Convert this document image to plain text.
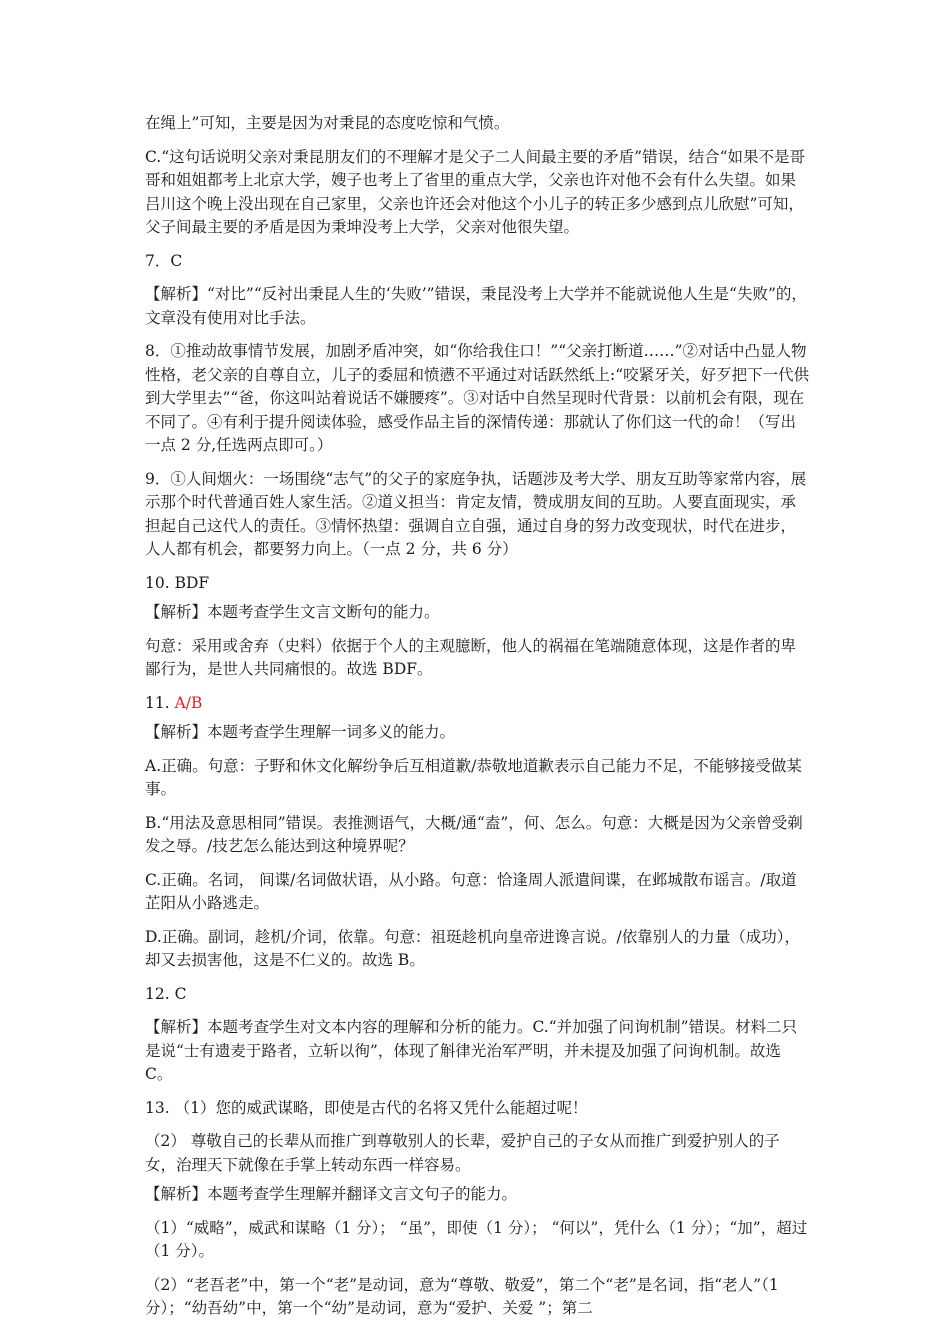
在绳上”可知，主要是因为对秉昆的态度吃惊和气愤。

C.“这句话说明父亲对秉昆朋友们的不理解才是父子二人间最主要的矛盾”错误，结合“如果不是哥哥和姐姐都考上北京大学，嫂子也考上了省里的重点大学，父亲也许对他不会有什么失望。如果吕川这个晚上没出现在自己家里，父亲也许还会对他这个小儿子的转正多少感到点儿欣慰”可知，父子间最主要的矛盾是因为秉坤没考上大学，父亲对他很失望。

7．C

【解析】“对比”“反衬出秉昆人生的‘失败’”错误，秉昆没考上大学并不能就说他人生是“失败”的，文章没有使用对比手法。

8．①推动故事情节发展，加剧矛盾冲突，如“你给我住口！”“父亲打断道……”②对话中凸显人物性格，老父亲的自尊自立，儿子的委屈和愤懑不平通过对话跃然纸上:“咬紧牙关，好歹把下一代供到大学里去”“爸，你这叫站着说话不嫌腰疼”。③对话中自然呈现时代背景：以前机会有限，现在不同了。④有利于提升阅读体验，感受作品主旨的深情传递：那就认了你们这一代的命！（写出一点 2 分,任选两点即可。）

9．①人间烟火：一场围绕“志气”的父子的家庭争执，话题涉及考大学、朋友互助等家常内容，展示那个时代普通百姓人家生活。②道义担当：肯定友情，赞成朋友间的互助。人要直面现实，承担起自己这代人的责任。③情怀热望：强调自立自强，通过自身的努力改变现状，时代在进步，人人都有机会，都要努力向上。（一点 2 分，共 6 分）

10. BDF

【解析】本题考查学生文言文断句的能力。

句意：采用或舍弃（史料）依据于个人的主观臆断，他人的祸福在笔端随意体现，这是作者的卑鄙行为，是世人共同痛恨的。故选 BDF。

11. A/B

【解析】本题考查学生理解一词多义的能力。

A.正确。句意：子野和休文化解纷争后互相道歉/恭敬地道歉表示自己能力不足，不能够接受做某事。

B.“用法及意思相同”错误。表推测语气，大概/通“盍”，何、怎么。句意：大概是因为父亲曾受剃发之辱。/技艺怎么能达到这种境界呢？

C.正确。名词， 间谍/名词做状语，从小路。句意：恰逢周人派遣间谍，在邺城散布谣言。/取道芷阳从小路逃走。

D.正确。副词，趁机/介词，依靠。句意：祖珽趁机向皇帝进谗言说。/依靠别人的力量（成功），却又去损害他，这是不仁义的。故选 B。

12. C

【解析】本题考查学生对文本内容的理解和分析的能力。C.“并加强了问询机制”错误。材料二只是说“士有遗麦于路者，立斩以徇”，体现了斛律光治军严明，并未提及加强了问询机制。故选 C。

13. （1）您的威武谋略，即使是古代的名将又凭什么能超过呢！

（2） 尊敬自己的长辈从而推广到尊敬别人的长辈，爱护自己的子女从而推广到爱护别人的子女，治理天下就像在手掌上转动东西一样容易。

【解析】本题考查学生理解并翻译文言文句子的能力。

（1）“威略”，威武和谋略（1 分）； “虽”，即使（1 分）； “何以”，凭什么（1 分）；“加”，超过（1 分）。

（2）“老吾老”中，第一个“老”是动词，意为“尊敬、敬爱”，第二个“老”是名词，指“老人”（1 分）；“幼吾幼”中，第一个“幼”是动词，意为“爱护、关爱 ”；第二
